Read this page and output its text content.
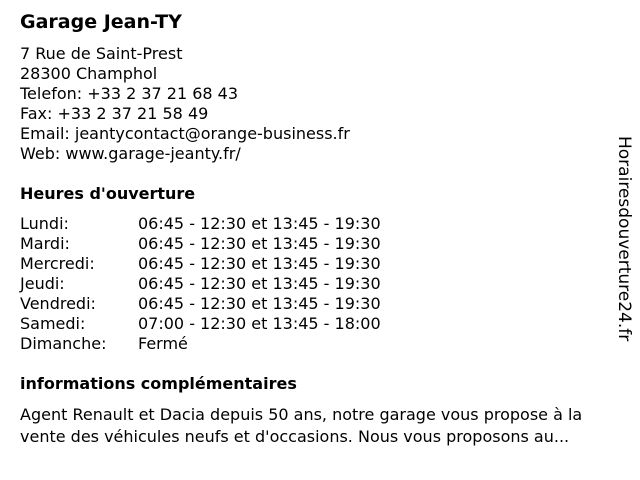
Garage Jean-TY
7 Rue de Saint-Prest
28300 Champhol
Telefon: +33 2 37 21 68 43
Fax: +33 2 37 21 58 49
Email: jeantycontact@orange-business.fr
Web: www.garage-jeanty.fr/
Heures d'ouverture
Lundi:	06:45 - 12:30 et 13:45 - 19:30
Mardi:	06:45 - 12:30 et 13:45 - 19:30
Mercredi:	06:45 - 12:30 et 13:45 - 19:30
Jeudi:	06:45 - 12:30 et 13:45 - 19:30
Vendredi:	06:45 - 12:30 et 13:45 - 19:30
Samedi:	07:00 - 12:30 et 13:45 - 18:00
Dimanche: Fermé
informations complémentaires
Agent Renault et Dacia depuis 50 ans, notre garage vous propose à la
vente des véhicules neufs et d'occasions. Nous vous proposons au...
Horairesdouverture24.fr
